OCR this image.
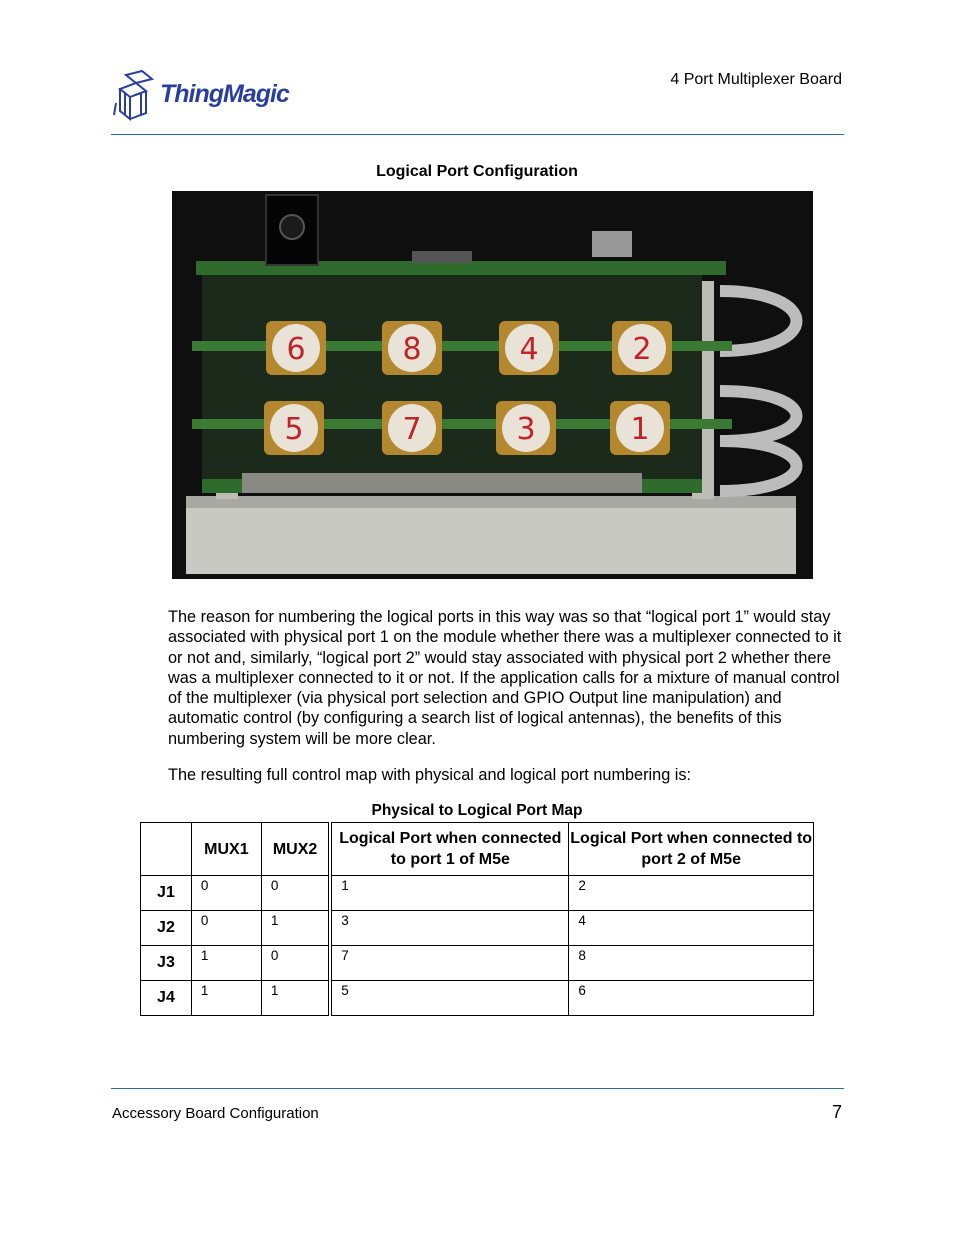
ThingMagic	4 Port Multiplexer Board
Logical Port Configuration
6	8	4	2
5	7	3	1

The reason for numbering the logical ports in this way was so that “logical port 1” would stay associated with physical port 1 on the module whether there was a multiplexer connected to it or not and, similarly, “logical port 2” would stay associated with physical port 2 whether there was a multiplexer connected to it or not. If the application calls for a mixture of manual control of the multiplexer (via physical port selection and GPIO Output line manipulation) and automatic control (by configuring a search list of logical antennas), the benefits of this numbering system will be more clear.

The resulting full control map with physical and logical port numbering is:

Physical to Logical Port Map
	MUX1	MUX2	Logical Port when connected to port 1 of M5e	Logical Port when connected to port 2 of M5e
J1	0	0	1	2
J2	0	1	3	4
J3	1	0	7	8
J4	1	1	5	6
Accessory Board Configuration	7
